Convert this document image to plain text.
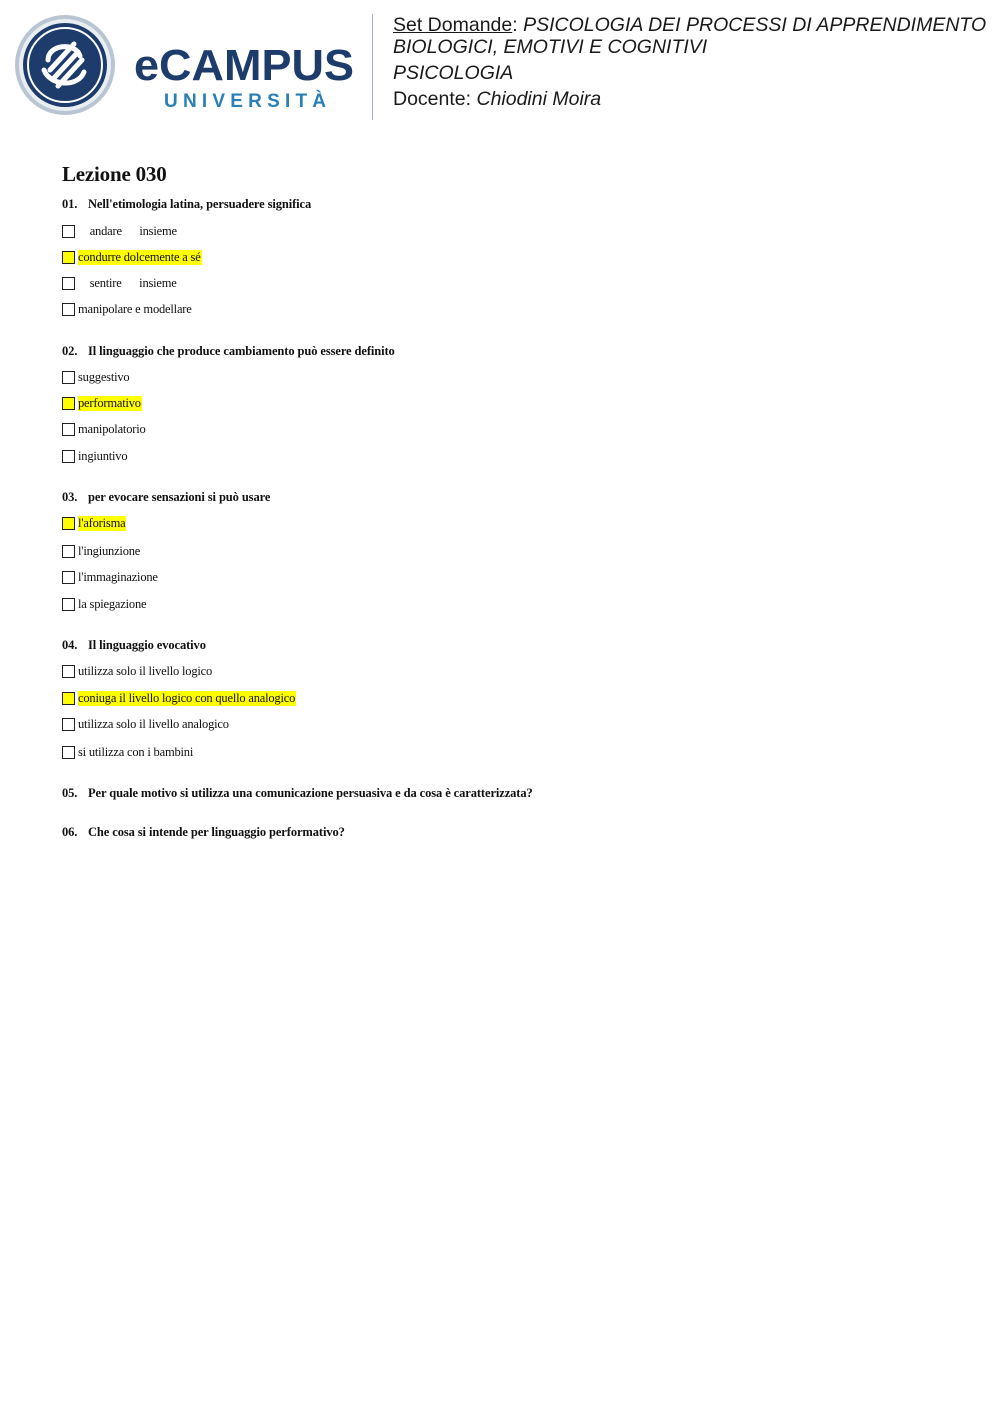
eCAMPUS
UNIVERSITÀ
Set Domande: PSICOLOGIA DEI PROCESSI DI APPRENDIMENTO
BIOLOGICI, EMOTIVI E COGNITIVI
PSICOLOGIA
Docente: Chiodini Moira
Lezione 030
01. Nell'etimologia latina, persuadere significa
andare      insieme
condurre dolcemente a sé
sentire      insieme
manipolare e modellare
02. Il linguaggio che produce cambiamento può essere definito
suggestivo
performativo
manipolatorio
ingiuntivo
03. per evocare sensazioni si può usare
l'aforisma
l'ingiunzione
l'immaginazione
la spiegazione
04. Il linguaggio evocativo
utilizza solo il livello logico
coniuga il livello logico con quello analogico
utilizza solo il livello analogico
si utilizza con i bambini
05. Per quale motivo si utilizza una comunicazione persuasiva e da cosa è caratterizzata?
06. Che cosa si intende per linguaggio performativo?
